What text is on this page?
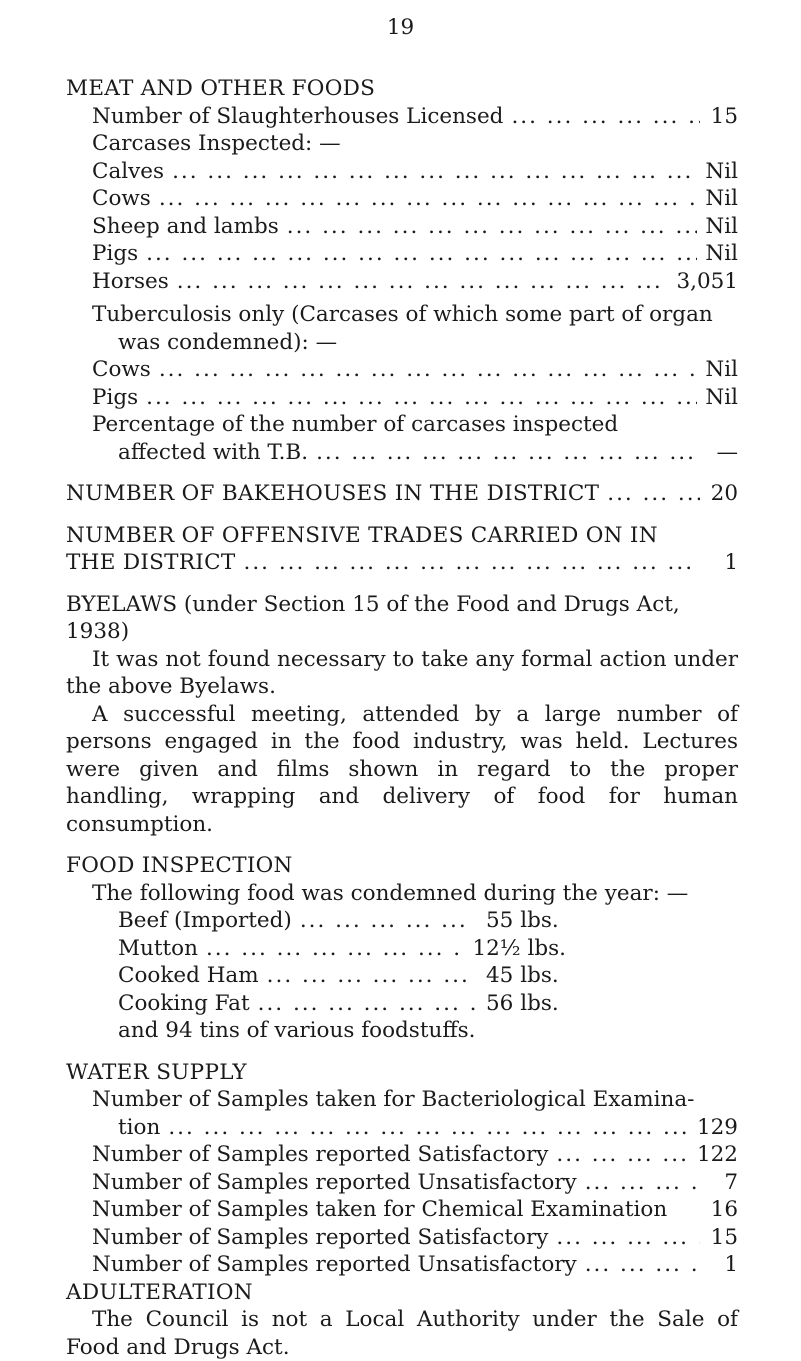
19
MEAT AND OTHER FOODS
Number of Slaughterhouses Licensed ... .	15
Carcases Inspected: —
Calves ... .	Nil
Cows ... .	Nil
Sheep and lambs ... .	Nil
Pigs ... .	Nil
Horses ... .	3,051
Tuberculosis only (Carcases of which some part of organ was condemned): —
Cows ... .	Nil
Pigs ... .	Nil
Percentage of the number of carcases inspected
affected with T.B. ... .	—
NUMBER OF BAKEHOUSES IN THE DISTRICT ... .	20
NUMBER OF OFFENSIVE TRADES CARRIED ON IN
THE DISTRICT ... .	1
BYELAWS (under Section 15 of the Food and Drugs Act, 1938)
It was not found necessary to take any formal action under the above Byelaws.
A successful meeting, attended by a large number of persons engaged in the food industry, was held. Lectures were given and films shown in regard to the proper handling, wrapping and delivery of food for human consumption.
FOOD INSPECTION
The following food was condemned during the year: —
Beef (Imported) ... .	55 lbs.
Mutton ... .	12½ lbs.
Cooked Ham ... .	45 lbs.
Cooking Fat ... .	56 lbs.
and 94 tins of various foodstuffs.
WATER SUPPLY
Number of Samples taken for Bacteriological Examina-
tion ... .	129
Number of Samples reported Satisfactory ... .	122
Number of Samples reported Unsatisfactory ... .	7
Number of Samples taken for Chemical Examination 16
Number of Samples reported Satisfactory ... .	15
Number of Samples reported Unsatisfactory ... .	1
ADULTERATION
The Council is not a Local Authority under the Sale of Food and Drugs Act.
